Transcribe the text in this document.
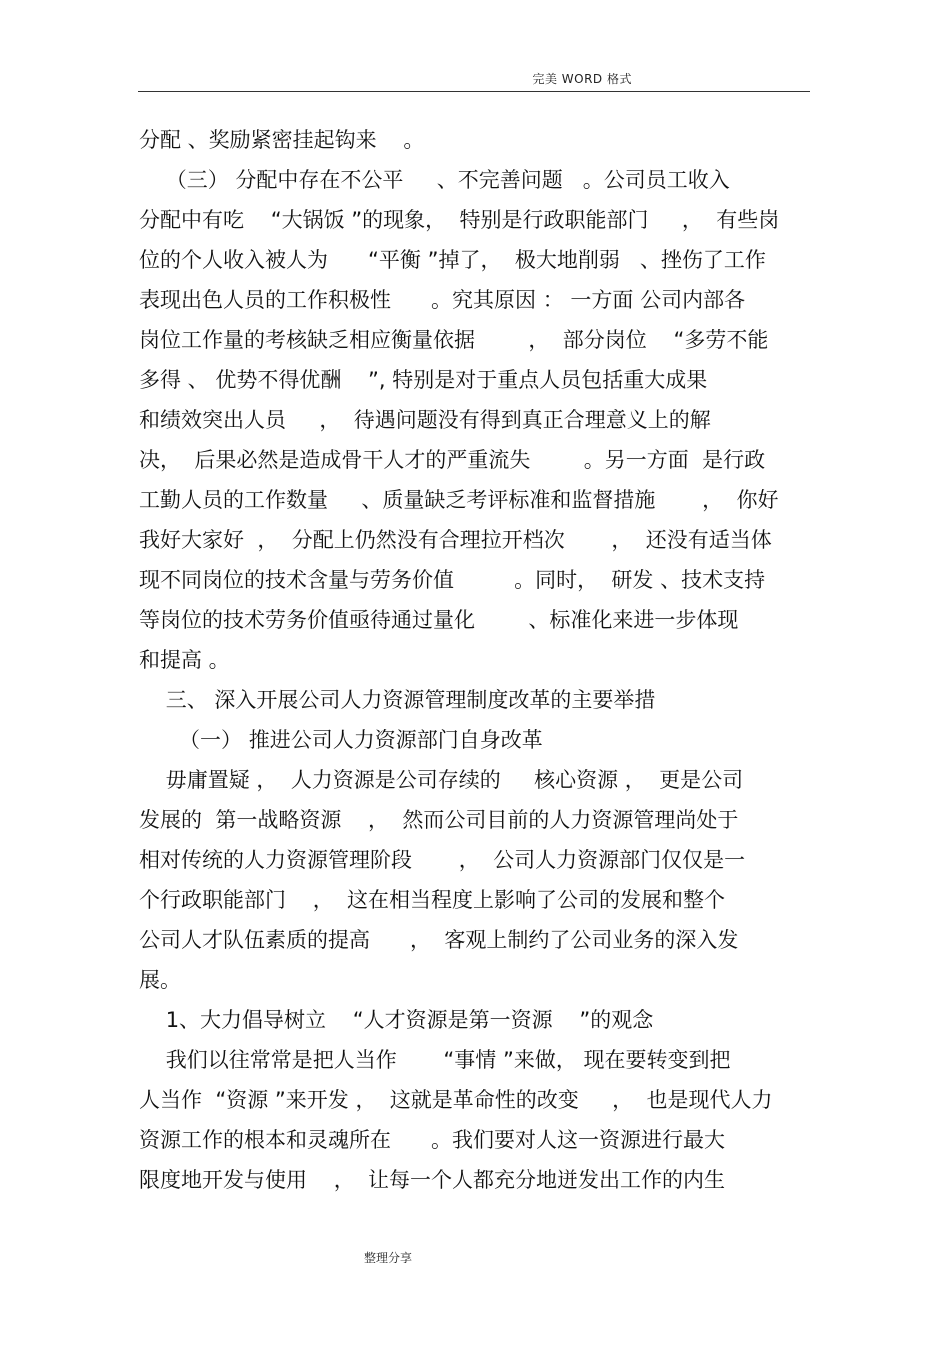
完美 WORD 格式
分配 、奖励紧密挂起钩来    。
（三） 分配中存在不公平     、不完善问题   。公司员工收入
分配中有吃    “大锅饭 ”的现象，  特别是行政职能部门     ，  有些岗
位的个人收入被人为      “平衡 ”掉了，  极大地削弱   、挫伤了工作
表现出色人员的工作积极性      。究其原因 ： 一方面 公司内部各
岗位工作量的考核缺乏相应衡量依据        ，  部分岗位    “多劳不能
多得 、 优势不得优酬    ”, 特别是对于重点人员包括重大成果
和绩效突出人员     ，  待遇问题没有得到真正合理意义上的解
决，  后果必然是造成骨干人才的严重流失        。另一方面  是行政
工勤人员的工作数量     、质量缺乏考评标准和监督措施       ，  你好
我好大家好  ，  分配上仍然没有合理拉开档次       ，  还没有适当体
现不同岗位的技术含量与劳务价值         。同时，  研发 、技术支持
等岗位的技术劳务价值亟待通过量化        、标准化来进一步体现
和提高 。
三、 深入开展公司人力资源管理制度改革的主要举措
（一） 推进公司人力资源部门自身改革
毋庸置疑 ，  人力资源是公司存续的     核心资源 ，  更是公司
发展的  第一战略资源    ，  然而公司目前的人力资源管理尚处于
相对传统的人力资源管理阶段       ，  公司人力资源部门仅仅是一
个行政职能部门    ，  这在相当程度上影响了公司的发展和整个
公司人才队伍素质的提高      ，  客观上制约了公司业务的深入发
展。
1、大力倡导树立    “人才资源是第一资源    ”的观念
我们以往常常是把人当作       “事情 ”来做， 现在要转变到把
人当作  “资源 ”来开发 ，  这就是革命性的改变     ，  也是现代人力
资源工作的根本和灵魂所在      。我们要对人这一资源进行最大
限度地开发与使用    ，  让每一个人都充分地迸发出工作的内生
整理分享
